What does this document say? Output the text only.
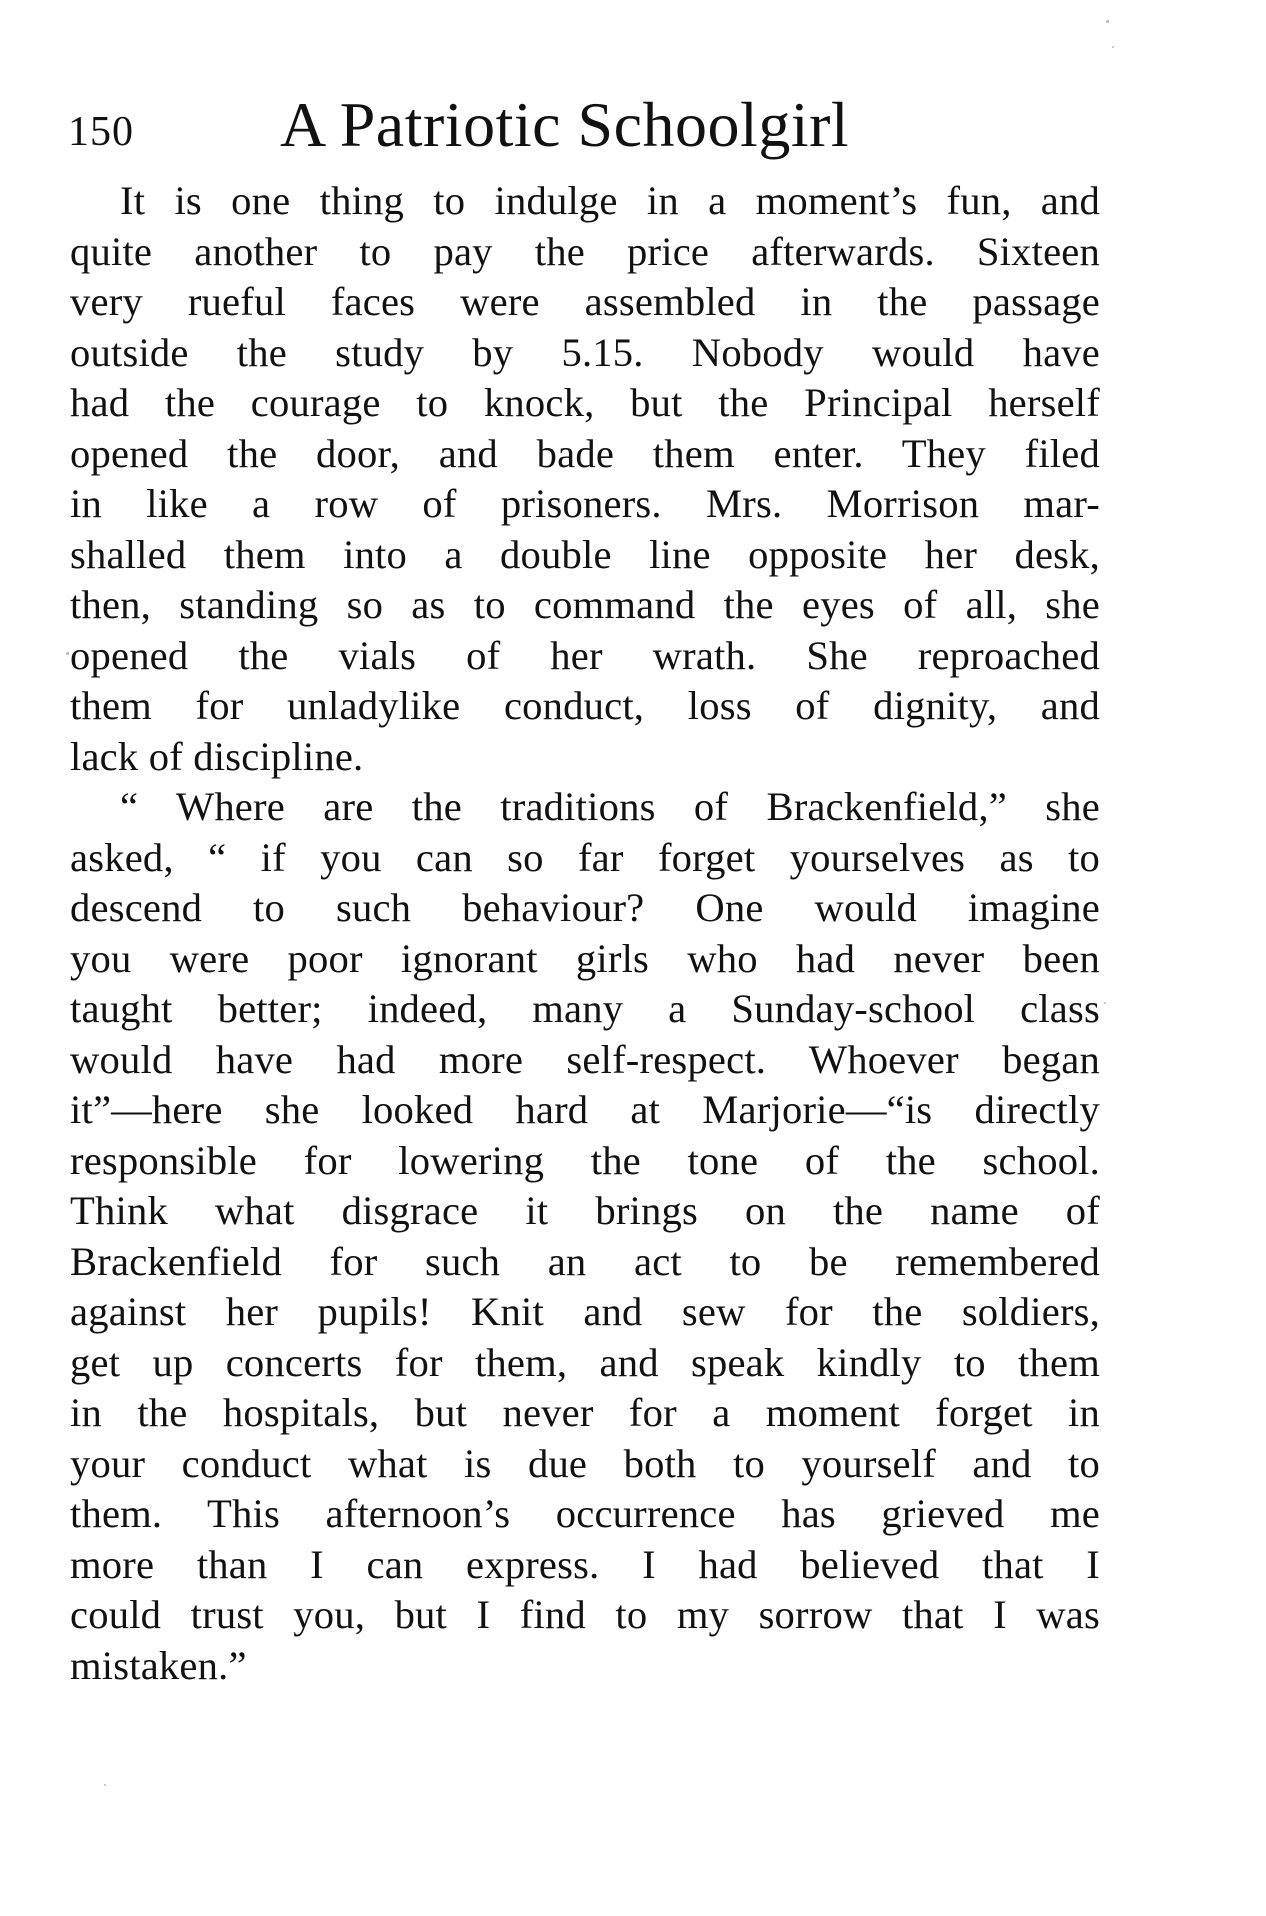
150 A Patriotic Schoolgirl

It is one thing to indulge in a moment’s fun, and
quite another to pay the price afterwards. Sixteen
very rueful faces were assembled in the passage
outside the study by 5.15. Nobody would have
had the courage to knock, but the Principal herself
opened the door, and bade them enter. They filed
in like a row of prisoners. Mrs. Morrison mar-
shalled them into a double line opposite her desk,
then, standing so as to command the eyes of all, she
opened the vials of her wrath. She reproached
them for unladylike conduct, loss of dignity, and
lack of discipline.

“ Where are the traditions of Brackenfield,” she
asked, “ if you can so far forget yourselves as to
descend to such behaviour? One would imagine
you were poor ignorant girls who had never been
taught better; indeed, many a Sunday-school class
would have had more self-respect. Whoever began
it”—here she looked hard at Marjorie—“is directly
responsible for lowering the tone of the school.
Think what disgrace it brings on the name of
Brackenfield for such an act to be remembered
against her pupils! Knit and sew for the soldiers,
get up concerts for them, and speak kindly to them
in the hospitals, but never for a moment forget in
your conduct what is due both to yourself and to
them. This afternoon’s occurrence has grieved me
more than I can express. I had believed that I
could trust you, but I find to my sorrow that I was
mistaken.”
